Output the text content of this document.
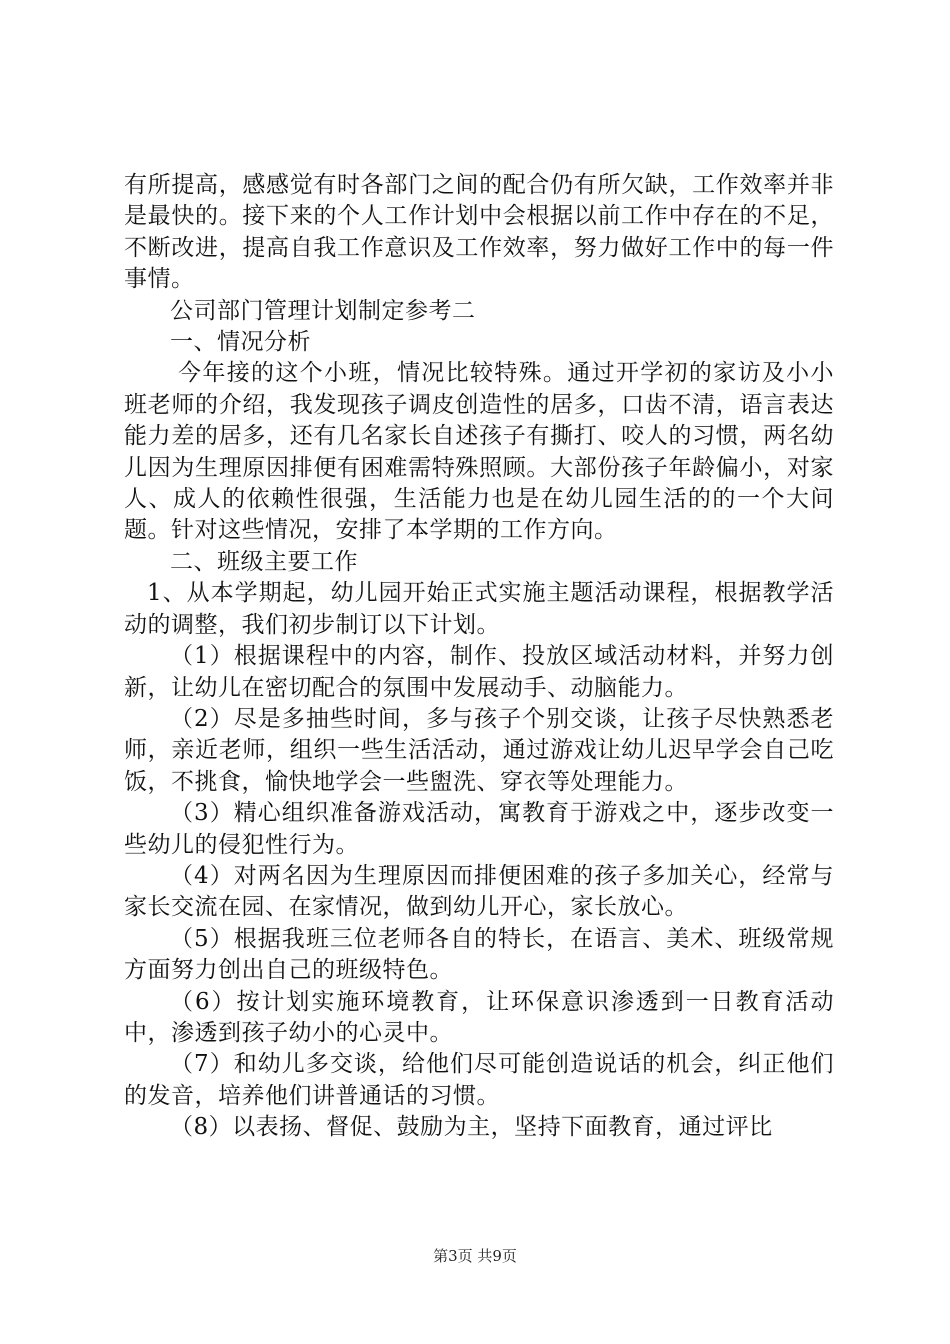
有所提高，感感觉有时各部门之间的配合仍有所欠缺，工作效率并非是最快的。接下来的个人工作计划中会根据以前工作中存在的不足，不断改进，提高自我工作意识及工作效率，努力做好工作中的每一件事情。

公司部门管理计划制定参考二

一、情况分析

今年接的这个小班，情况比较特殊。通过开学初的家访及小小班老师的介绍，我发现孩子调皮创造性的居多，口齿不清，语言表达能力差的居多，还有几名家长自述孩子有撕打、咬人的习惯，两名幼儿因为生理原因排便有困难需特殊照顾。大部份孩子年龄偏小，对家人、成人的依赖性很强，生活能力也是在幼儿园生活的的一个大问题。针对这些情况，安排了本学期的工作方向。

二、班级主要工作

1、从本学期起，幼儿园开始正式实施主题活动课程，根据教学活动的调整，我们初步制订以下计划。

（1）根据课程中的内容，制作、投放区域活动材料，并努力创新，让幼儿在密切配合的氛围中发展动手、动脑能力。

（2）尽是多抽些时间，多与孩子个别交谈，让孩子尽快熟悉老师，亲近老师，组织一些生活活动，通过游戏让幼儿迟早学会自己吃饭，不挑食，愉快地学会一些盥洗、穿衣等处理能力。

（3）精心组织准备游戏活动，寓教育于游戏之中，逐步改变一些幼儿的侵犯性行为。

（4）对两名因为生理原因而排便困难的孩子多加关心，经常与家长交流在园、在家情况，做到幼儿开心，家长放心。

（5）根据我班三位老师各自的特长，在语言、美术、班级常规方面努力创出自己的班级特色。

（6）按计划实施环境教育，让环保意识渗透到一日教育活动中，渗透到孩子幼小的心灵中。

（7）和幼儿多交谈，给他们尽可能创造说话的机会，纠正他们的发音，培养他们讲普通话的习惯。

（8）以表扬、督促、鼓励为主，坚持下面教育，通过评比

第3页 共9页
